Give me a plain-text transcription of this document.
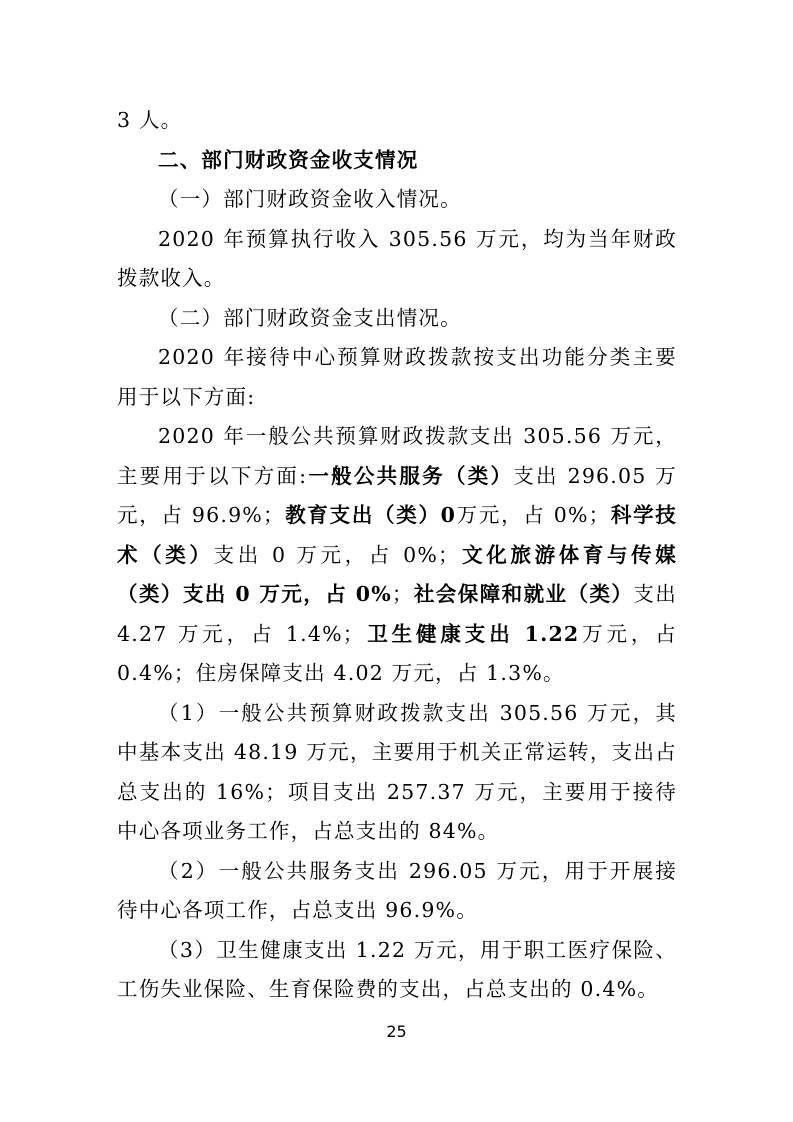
3 人。

二、部门财政资金收支情况

（一）部门财政资金收入情况。

2020 年预算执行收入 305.56 万元，均为当年财政拨款收入。

（二）部门财政资金支出情况。

2020 年接待中心预算财政拨款按支出功能分类主要用于以下方面:

2020 年一般公共预算财政拨款支出 305.56 万元，主要用于以下方面:一般公共服务（类）支出 296.05 万元，占 96.9%；教育支出（类）0万元，占 0%；科学技术（类）支出 0 万元，占 0%；文化旅游体育与传媒（类）支出 0 万元，占 0%；社会保障和就业（类）支出 4.27 万元，占 1.4%；卫生健康支出 1.22万元，占 0.4%；住房保障支出 4.02 万元，占 1.3%。

（1）一般公共预算财政拨款支出 305.56 万元，其中基本支出 48.19 万元，主要用于机关正常运转，支出占总支出的 16%；项目支出 257.37 万元，主要用于接待中心各项业务工作，占总支出的 84%。

（2）一般公共服务支出 296.05 万元，用于开展接待中心各项工作，占总支出 96.9%。

（3）卫生健康支出 1.22 万元，用于职工医疗保险、工伤失业保险、生育保险费的支出，占总支出的 0.4%。

25
